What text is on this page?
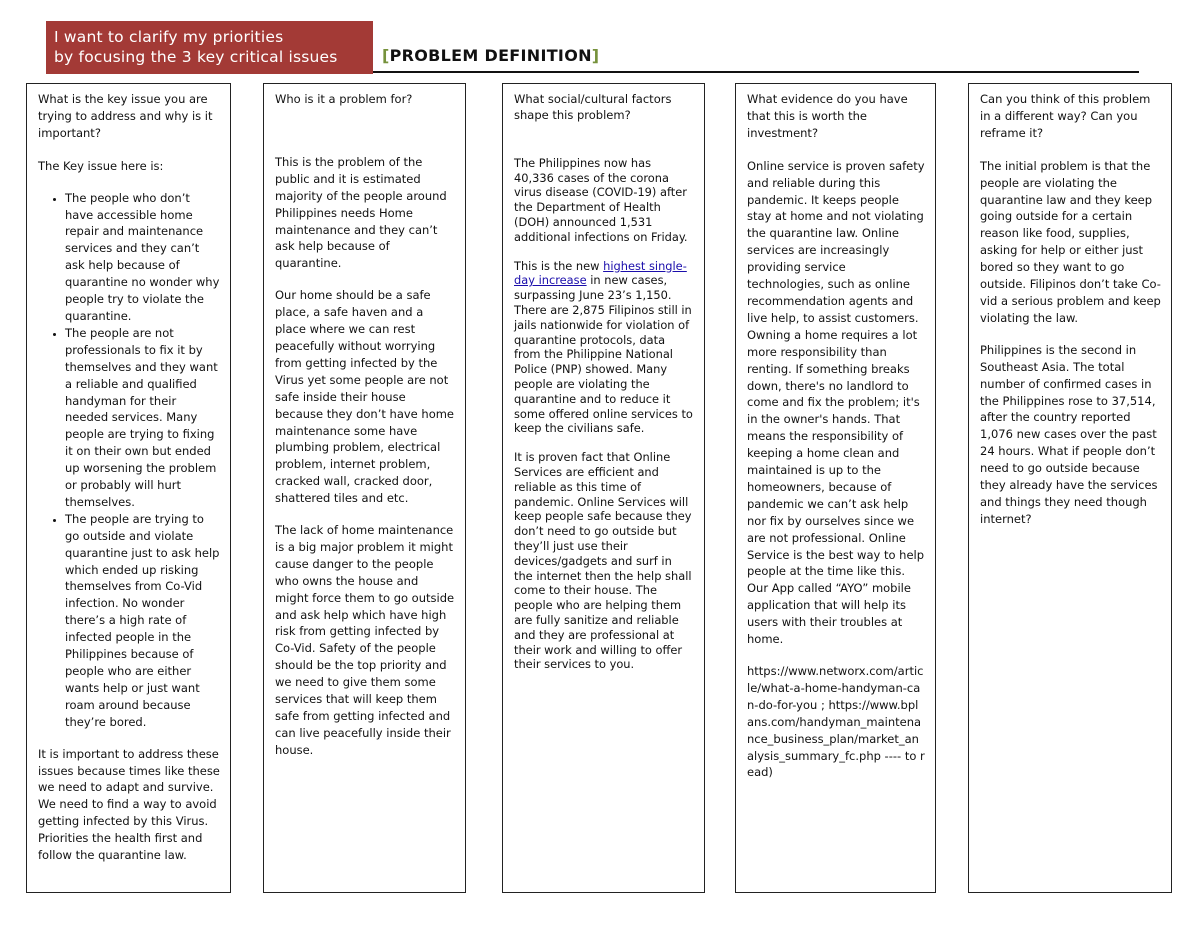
I want to clarify my priorities
by focusing the 3 key critical issues	[PROBLEM DEFINITION]

What is the key issue you are trying to address and why is it important?

The Key issue here is:

• The people who don’t have accessible home repair and maintenance services and they can’t ask help because of quarantine no wonder why people try to violate the quarantine.
• The people are not professionals to fix it by themselves and they want a reliable and qualified handyman for their needed services. Many people are trying to fixing it on their own but ended up worsening the problem or probably will hurt themselves.
• The people are trying to go outside and violate quarantine just to ask help which ended up risking themselves from Co-Vid infection. No wonder there’s a high rate of infected people in the Philippines because of people who are either wants help or just want roam around because they’re bored.

It is important to address these issues because times like these we need to adapt and survive. We need to find a way to avoid getting infected by this Virus. Priorities the health first and follow the quarantine law.

Who is it a problem for?

This is the problem of the public and it is estimated majority of the people around Philippines needs Home maintenance and they can’t ask help because of quarantine.

Our home should be a safe place, a safe haven and a place where we can rest peacefully without worrying from getting infected by the Virus yet some people are not safe inside their house because they don’t have home maintenance some have plumbing problem, electrical problem, internet problem, cracked wall, cracked door, shattered tiles and etc.

The lack of home maintenance is a big major problem it might cause danger to the people who owns the house and might force them to go outside and ask help which have high risk from getting infected by Co-Vid. Safety of the people should be the top priority and we need to give them some services that will keep them safe from getting infected and can live peacefully inside their house.

What social/cultural factors shape this problem?

The Philippines now has 40,336 cases of the corona virus disease (COVID-19) after the Department of Health (DOH) announced 1,531 additional infections on Friday.

This is the new highest single-day increase in new cases, surpassing June 23’s 1,150. There are 2,875 Filipinos still in jails nationwide for violation of quarantine protocols, data from the Philippine National Police (PNP) showed. Many people are violating the quarantine and to reduce it some offered online services to keep the civilians safe.

It is proven fact that Online Services are efficient and reliable as this time of pandemic. Online Services will keep people safe because they don’t need to go outside but they’ll just use their devices/gadgets and surf in the internet then the help shall come to their house. The people who are helping them are fully sanitize and reliable and they are professional at their work and willing to offer their services to you.

What evidence do you have that this is worth the investment?

Online service is proven safety and reliable during this pandemic. It keeps people stay at home and not violating the quarantine law. Online services are increasingly providing service technologies, such as online recommendation agents and live help, to assist customers. Owning a home requires a lot more responsibility than renting. If something breaks down, there's no landlord to come and fix the problem; it's in the owner's hands. That means the responsibility of keeping a home clean and maintained is up to the homeowners, because of pandemic we can’t ask help nor fix by ourselves since we are not professional. Online Service is the best way to help people at the time like this. Our App called “AYO” mobile application that will help its users with their troubles at home.

https://www.networx.com/article/what-a-home-handyman-can-do-for-you ; https://www.bplans.com/handyman_maintenance_business_plan/market_analysis_summary_fc.php ---- to read)

Can you think of this problem in a different way? Can you reframe it?

The initial problem is that the people are violating the quarantine law and they keep going outside for a certain reason like food, supplies, asking for help or either just bored so they want to go outside. Filipinos don’t take Co-vid a serious problem and keep violating the law.

Philippines is the second in Southeast Asia. The total number of confirmed cases in the Philippines rose to 37,514, after the country reported 1,076 new cases over the past 24 hours. What if people don’t need to go outside because they already have the services and things they need though internet?
